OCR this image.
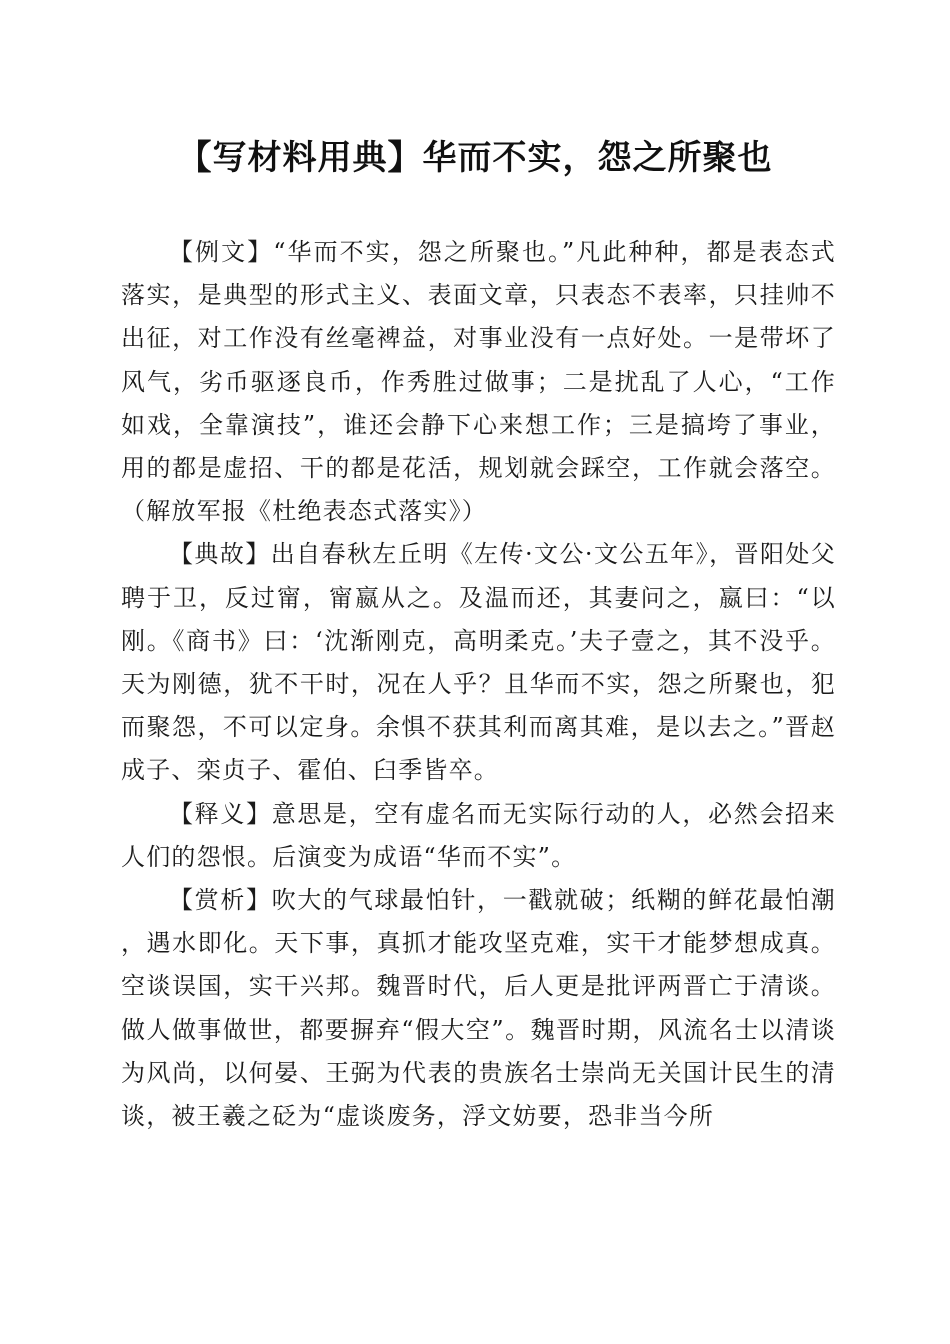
【写材料用典】华而不实，怨之所聚也

【例文】“华而不实，怨之所聚也。”凡此种种，都是表态式落实，是典型的形式主义、表面文章，只表态不表率，只挂帅不出征，对工作没有丝毫裨益，对事业没有一点好处。一是带坏了风气，劣币驱逐良币，作秀胜过做事；二是扰乱了人心，“工作如戏，全靠演技”，谁还会静下心来想工作；三是搞垮了事业，用的都是虚招、干的都是花活，规划就会踩空，工作就会落空。（解放军报《杜绝表态式落实》）

【典故】出自春秋左丘明《左传·文公·文公五年》，晋阳处父聘于卫，反过甯，甯嬴从之。及温而还，其妻问之，嬴曰：“以刚。《商书》曰：‘沈渐刚克，高明柔克。’夫子壹之，其不没乎。天为刚德，犹不干时，况在人乎？且华而不实，怨之所聚也，犯而聚怨，不可以定身。余惧不获其利而离其难，是以去之。”晋赵成子、栾贞子、霍伯、臼季皆卒。

【释义】意思是，空有虚名而无实际行动的人，必然会招来人们的怨恨。后演变为成语“华而不实”。

【赏析】吹大的气球最怕针，一戳就破；纸糊的鲜花最怕潮，遇水即化。天下事，真抓才能攻坚克难，实干才能梦想成真。空谈误国，实干兴邦。魏晋时代，后人更是批评两晋亡于清谈。做人做事做世，都要摒弃“假大空”。魏晋时期，风流名士以清谈为风尚，以何晏、王弼为代表的贵族名士崇尚无关国计民生的清谈，被王羲之砭为“虚谈废务，浮文妨要，恐非当今所
